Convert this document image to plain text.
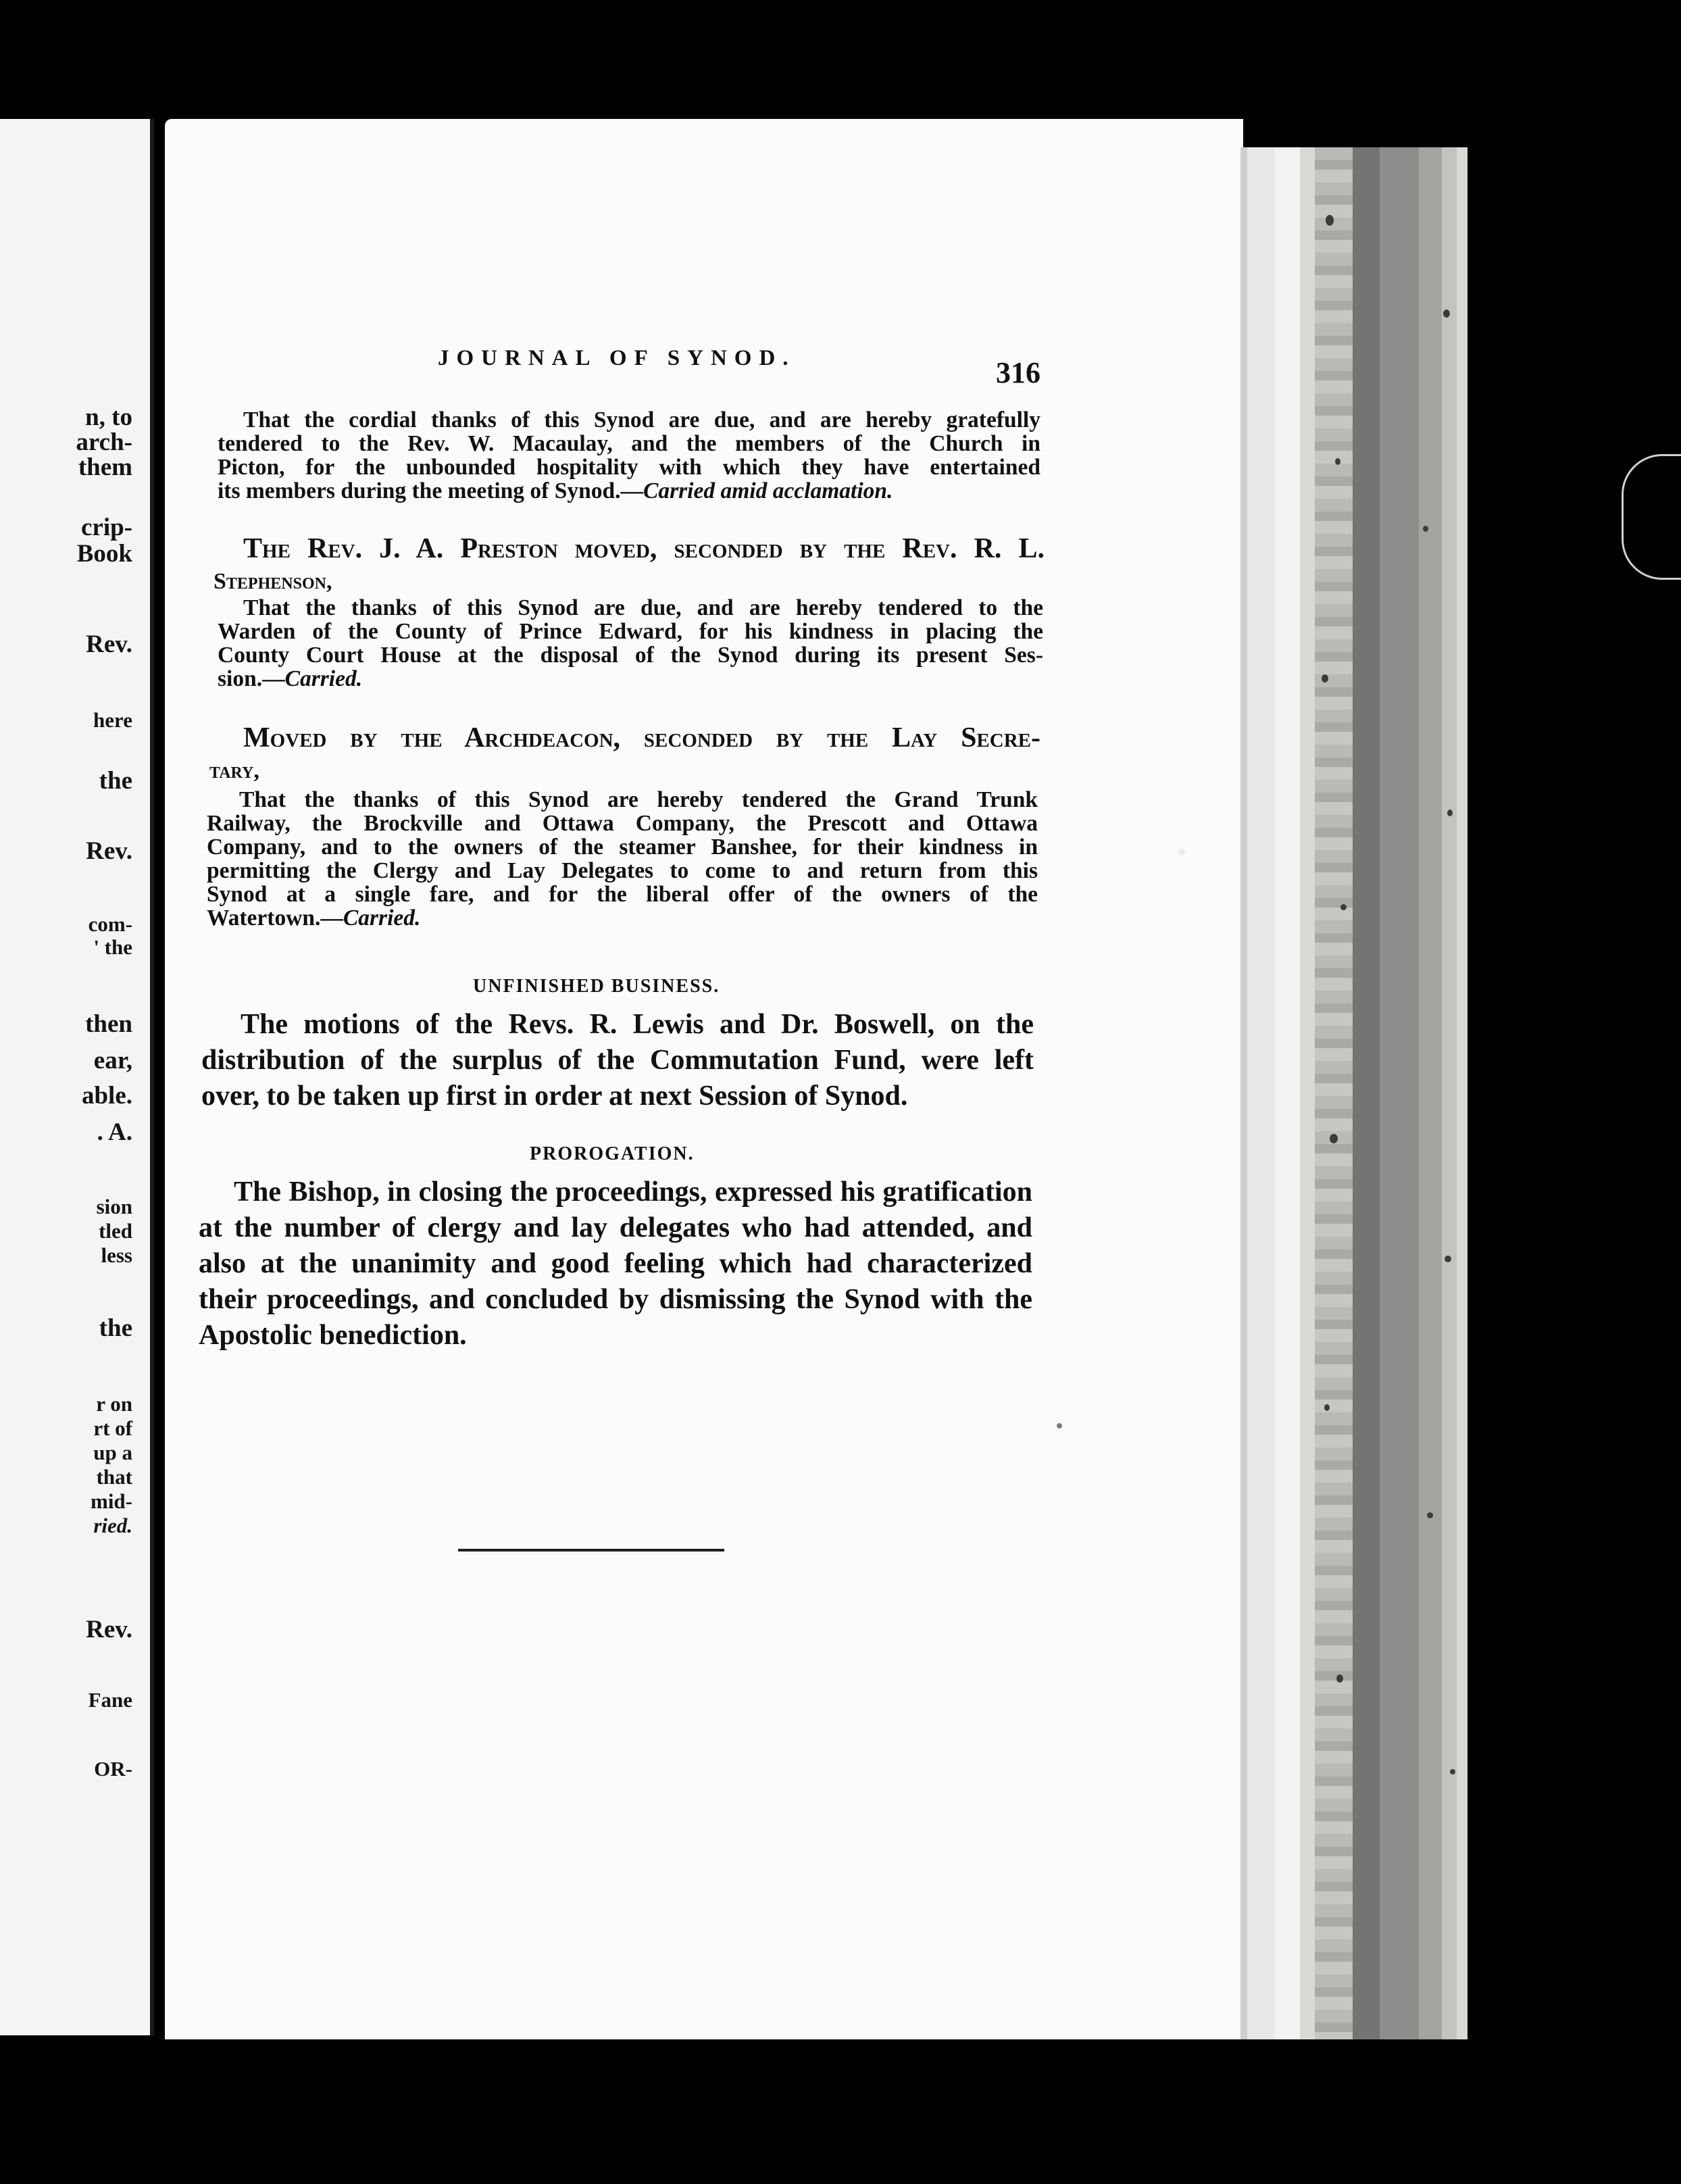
n, to
arch-
them
crip-
Book
Rev.
here
the
Rev.
com-
' the
then
ear,
able.
. A.
sion
tled
less
the
r on
rt of
up a
that
mid-
ried.
Rev.
Fane
OR-
JOURNAL OF SYNOD.	316

That the cordial thanks of this Synod are due, and are hereby gratefully

tendered to the Rev. W. Macaulay, and the members of the Church in

Picton, for the unbounded hospitality with which they have entertained

its members during the meeting of Synod.—Carried amid acclamation.

The Rev. J. A. Preston moved, seconded by the Rev. R. L.

Stephenson,

That the thanks of this Synod are due, and are hereby tendered to the

Warden of the County of Prince Edward, for his kindness in placing the

County Court House at the disposal of the Synod during its present Ses-

sion.—Carried.

Moved by the Archdeacon, seconded by the Lay Secre-

tary,

That the thanks of this Synod are hereby tendered the Grand Trunk

Railway, the Brockville and Ottawa Company, the Prescott and Ottawa

Company, and to the owners of the steamer Banshee, for their kindness in

permitting the Clergy and Lay Delegates to come to and return from this

Synod at a single fare, and for the liberal offer of the owners of the

Watertown.—Carried.

UNFINISHED BUSINESS.

The motions of the Revs. R. Lewis and Dr. Boswell, on the

distribution of the surplus of the Commutation Fund, were left

over, to be taken up first in order at next Session of Synod.

PROROGATION.

The Bishop, in closing the proceedings, expressed his gratification

at the number of clergy and lay delegates who had attended, and

also at the unanimity and good feeling which had characterized

their proceedings, and concluded by dismissing the Synod with the

Apostolic benediction.
